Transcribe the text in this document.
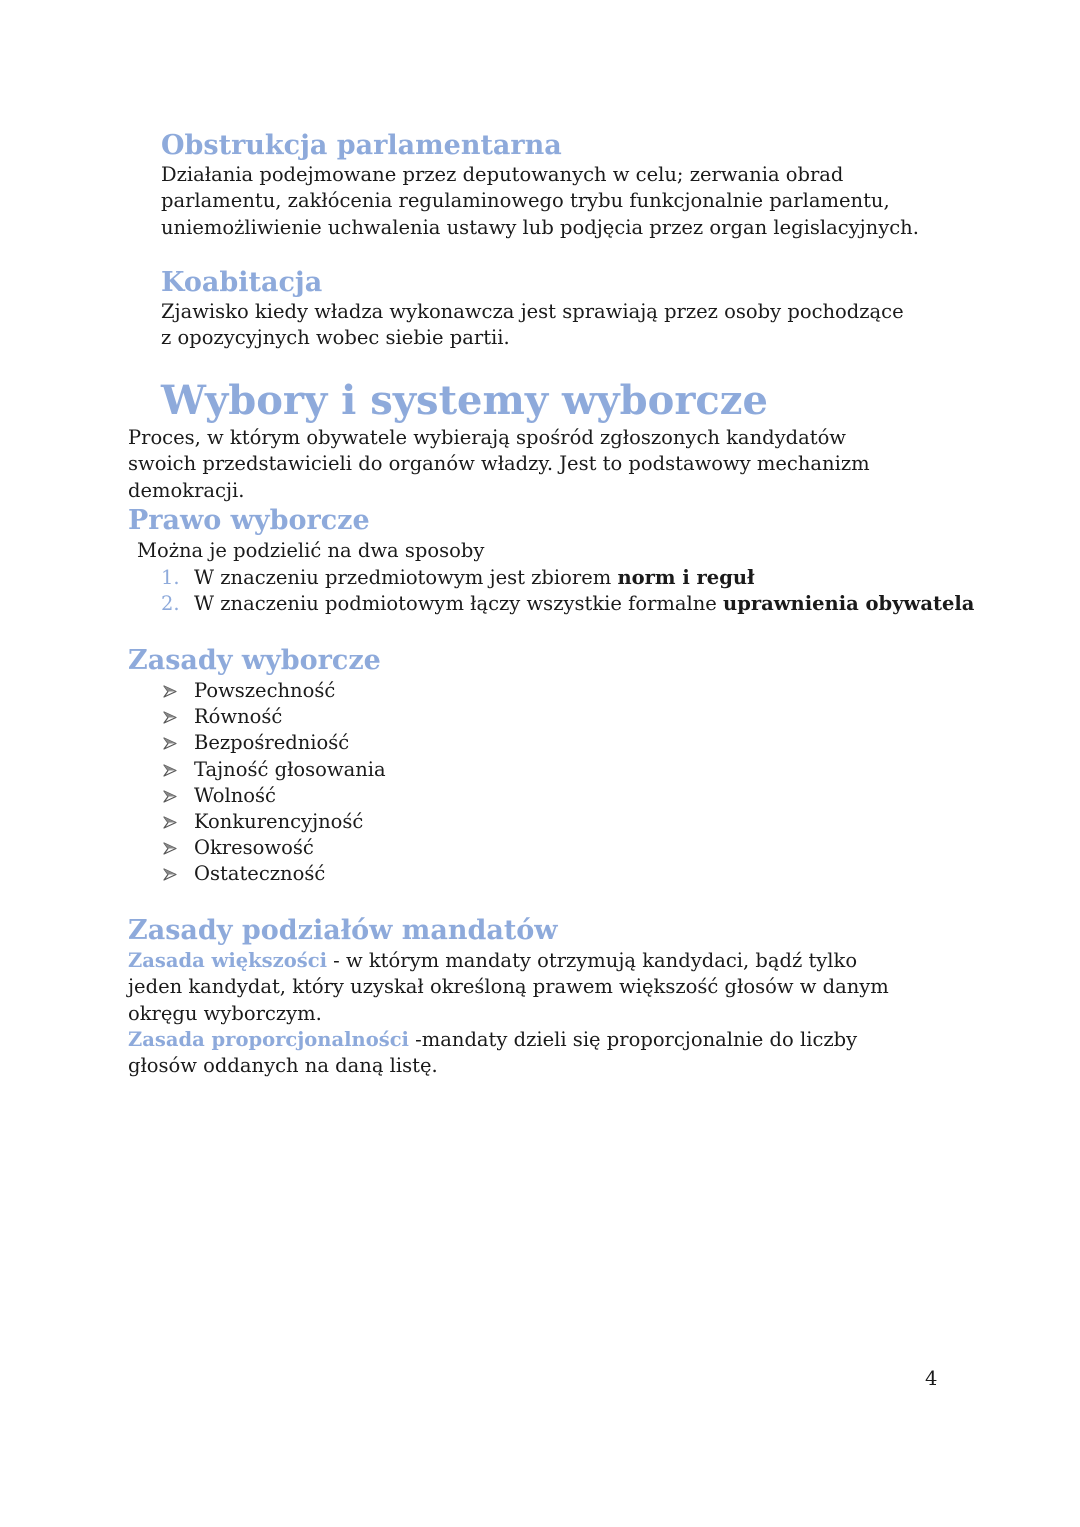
Obstrukcja parlamentarna

Działania podejmowane przez deputowanych w celu; zerwania obrad parlamentu, zakłócenia regulaminowego trybu funkcjonalnie parlamentu, uniemożliwienie uchwalenia ustawy lub podjęcia przez organ legislacyjnych.

Koabitacja

Zjawisko kiedy władza wykonawcza jest sprawiają przez osoby pochodzące z opozycyjnych wobec siebie partii.

Wybory i systemy wyborcze

Proces, w którym obywatele wybierają spośród zgłoszonych kandydatów swoich przedstawicieli do organów władzy. Jest to podstawowy mechanizm demokracji.

Prawo wyborcze

Można je podzielić na dwa sposoby

1. W znaczeniu przedmiotowym jest zbiorem norm i reguł
2. W znaczeniu podmiotowym łączy wszystkie formalne uprawnienia obywatela
Zasady wyborcze
Powszechność
Równość
Bezpośredniość
Tajność głosowania
Wolność
Konkurencyjność
Okresowość
Ostateczność
Zasady podziałów mandatów

Zasada większości - w którym mandaty otrzymują kandydaci, bądź tylko jeden kandydat, który uzyskał określoną prawem większość głosów w danym okręgu wyborczym.

Zasada proporcjonalności -mandaty dzieli się proporcjonalnie do liczby głosów oddanych na daną listę.

4
